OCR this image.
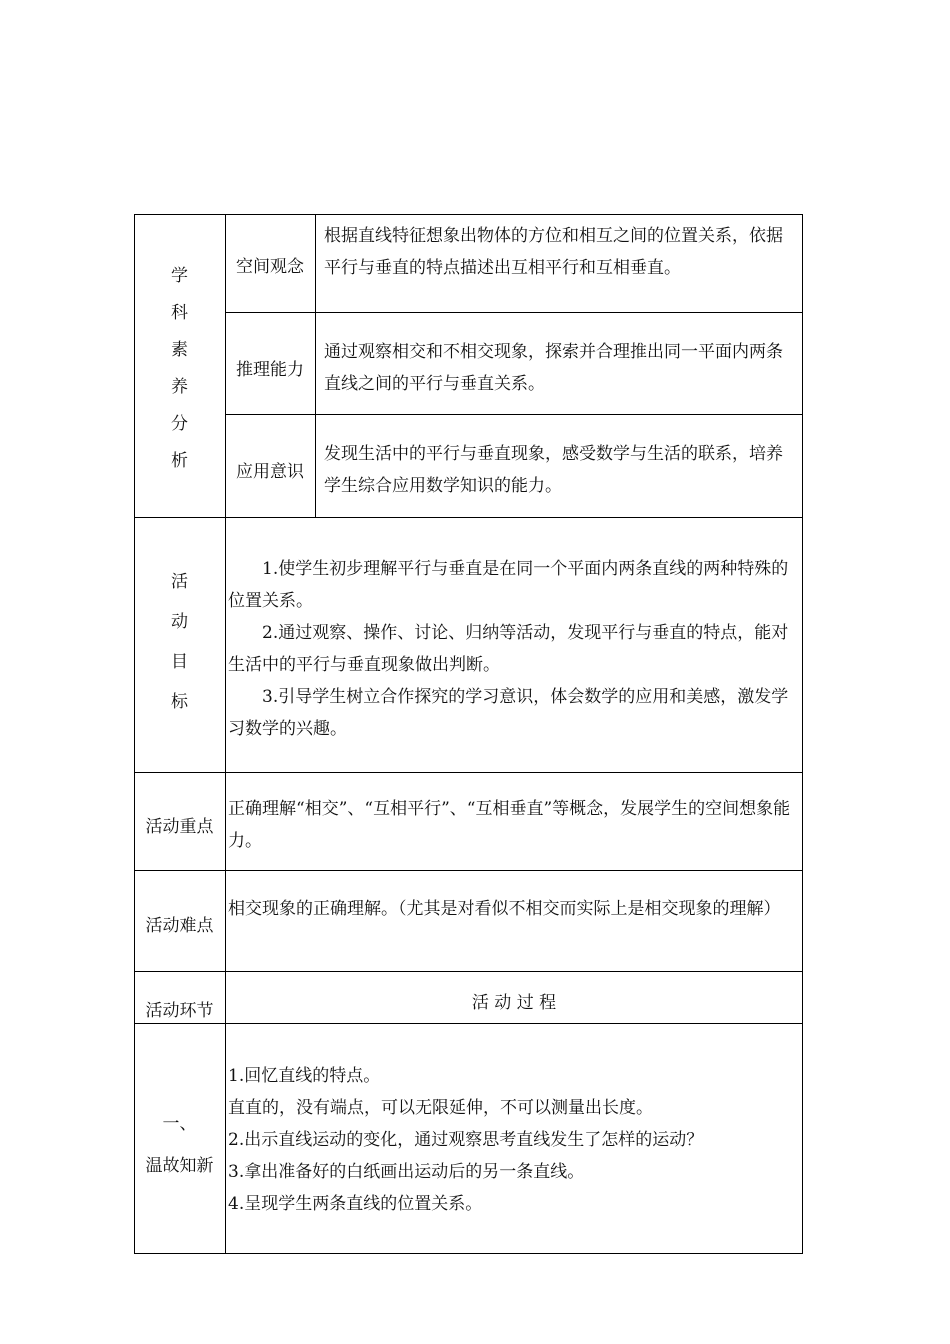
学
科
素
养
分
析
空间观念
根据直线特征想象出物体的方位和相互之间的位置关系，依据平行与垂直的特点描述出互相平行和互相垂直。
推理能力
通过观察相交和不相交现象，探索并合理推出同一平面内两条直线之间的平行与垂直关系。
应用意识
发现生活中的平行与垂直现象，感受数学与生活的联系，培养学生综合应用数学知识的能力。
活
动
目
标

1.使学生初步理解平行与垂直是在同一个平面内两条直线的两种特殊的位置关系。

2.通过观察、操作、讨论、归纳等活动，发现平行与垂直的特点，能对生活中的平行与垂直现象做出判断。

3.引导学生树立合作探究的学习意识，体会数学的应用和美感，激发学习数学的兴趣。

活动重点
正确理解“相交”、“互相平行”、“互相垂直”等概念，发展学生的空间想象能力。
活动难点
相交现象的正确理解。（尤其是对看似不相交而实际上是相交现象的理解）
活动环节	活 动 过 程
一、
温故知新

1.回忆直线的特点。

直直的，没有端点，可以无限延伸，不可以测量出长度。

2.出示直线运动的变化，通过观察思考直线发生了怎样的运动？

3.拿出准备好的白纸画出运动后的另一条直线。

4.呈现学生两条直线的位置关系。
